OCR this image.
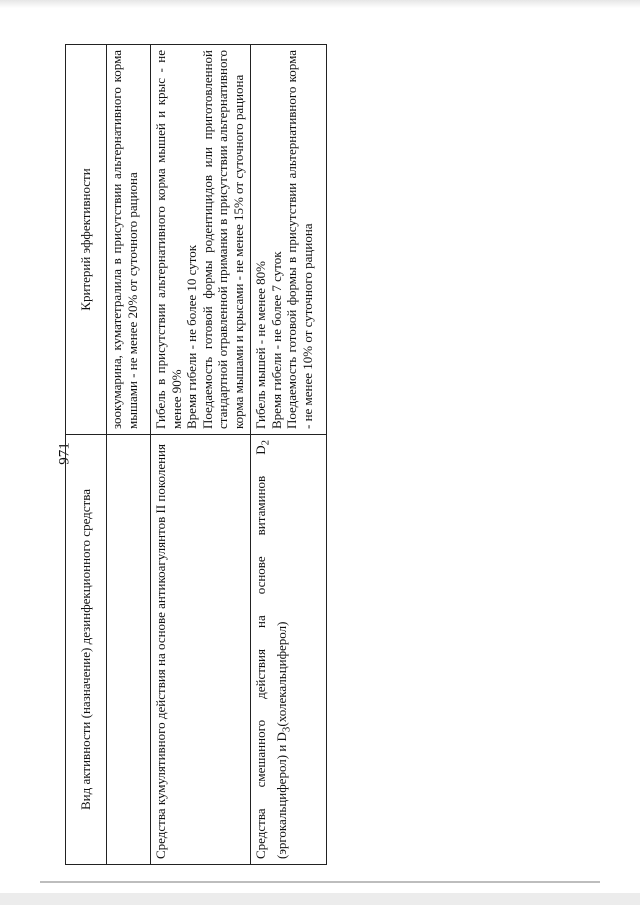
971
Вид активности (назначение) дезинфекционного средства	Критерий эффективности

	зоокумарина, куматетралила в присутствии альтернативного корма мышами - не менее 20% от суточного рациона

Средства кумулятивного действия на основе антикоагулянтов II поколения	Гибель в присутствии альтернативного корма мышей и крыс - не менее 90% Время гибели - не более 10 суток Поедаемость готовой формы родентицидов или приготовленной стандартной отравленной приманки в присутствии альтернативного корма мышами и крысами - не менее 15% от суточного рациона

Средства смешанного действия на основе витаминов $D_2$ (эргокальциферол) и $D_3(холекальциферол)$	Гибель мышей - не менее 80% Время гибели - не более 7 суток Поедаемость готовой формы в присутствии альтернативного корма - не менее 10% от суточного рациона
